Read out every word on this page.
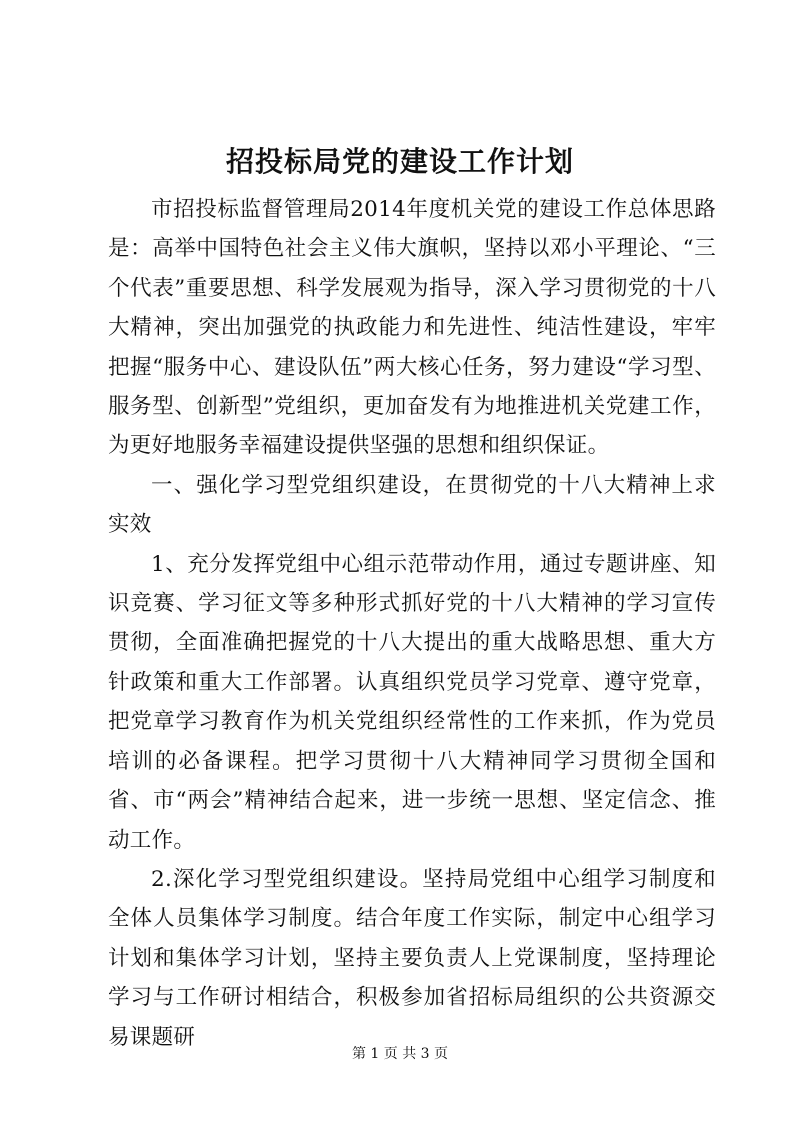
招投标局党的建设工作计划

市招投标监督管理局2014年度机关党的建设工作总体思路是：高举中国特色社会主义伟大旗帜，坚持以邓小平理论、“三个代表”重要思想、科学发展观为指导，深入学习贯彻党的十八大精神，突出加强党的执政能力和先进性、纯洁性建设，牢牢把握“服务中心、建设队伍”两大核心任务，努力建设“学习型、服务型、创新型”党组织，更加奋发有为地推进机关党建工作，为更好地服务幸福建设提供坚强的思想和组织保证。

一、强化学习型党组织建设，在贯彻党的十八大精神上求实效

1、充分发挥党组中心组示范带动作用，通过专题讲座、知识竞赛、学习征文等多种形式抓好党的十八大精神的学习宣传贯彻，全面准确把握党的十八大提出的重大战略思想、重大方针政策和重大工作部署。认真组织党员学习党章、遵守党章，把党章学习教育作为机关党组织经常性的工作来抓，作为党员培训的必备课程。把学习贯彻十八大精神同学习贯彻全国和省、市“两会”精神结合起来，进一步统一思想、坚定信念、推动工作。

2.深化学习型党组织建设。坚持局党组中心组学习制度和全体人员集体学习制度。结合年度工作实际，制定中心组学习计划和集体学习计划，坚持主要负责人上党课制度，坚持理论学习与工作研讨相结合，积极参加省招标局组织的公共资源交易课题研

第 1 页 共 3 页
